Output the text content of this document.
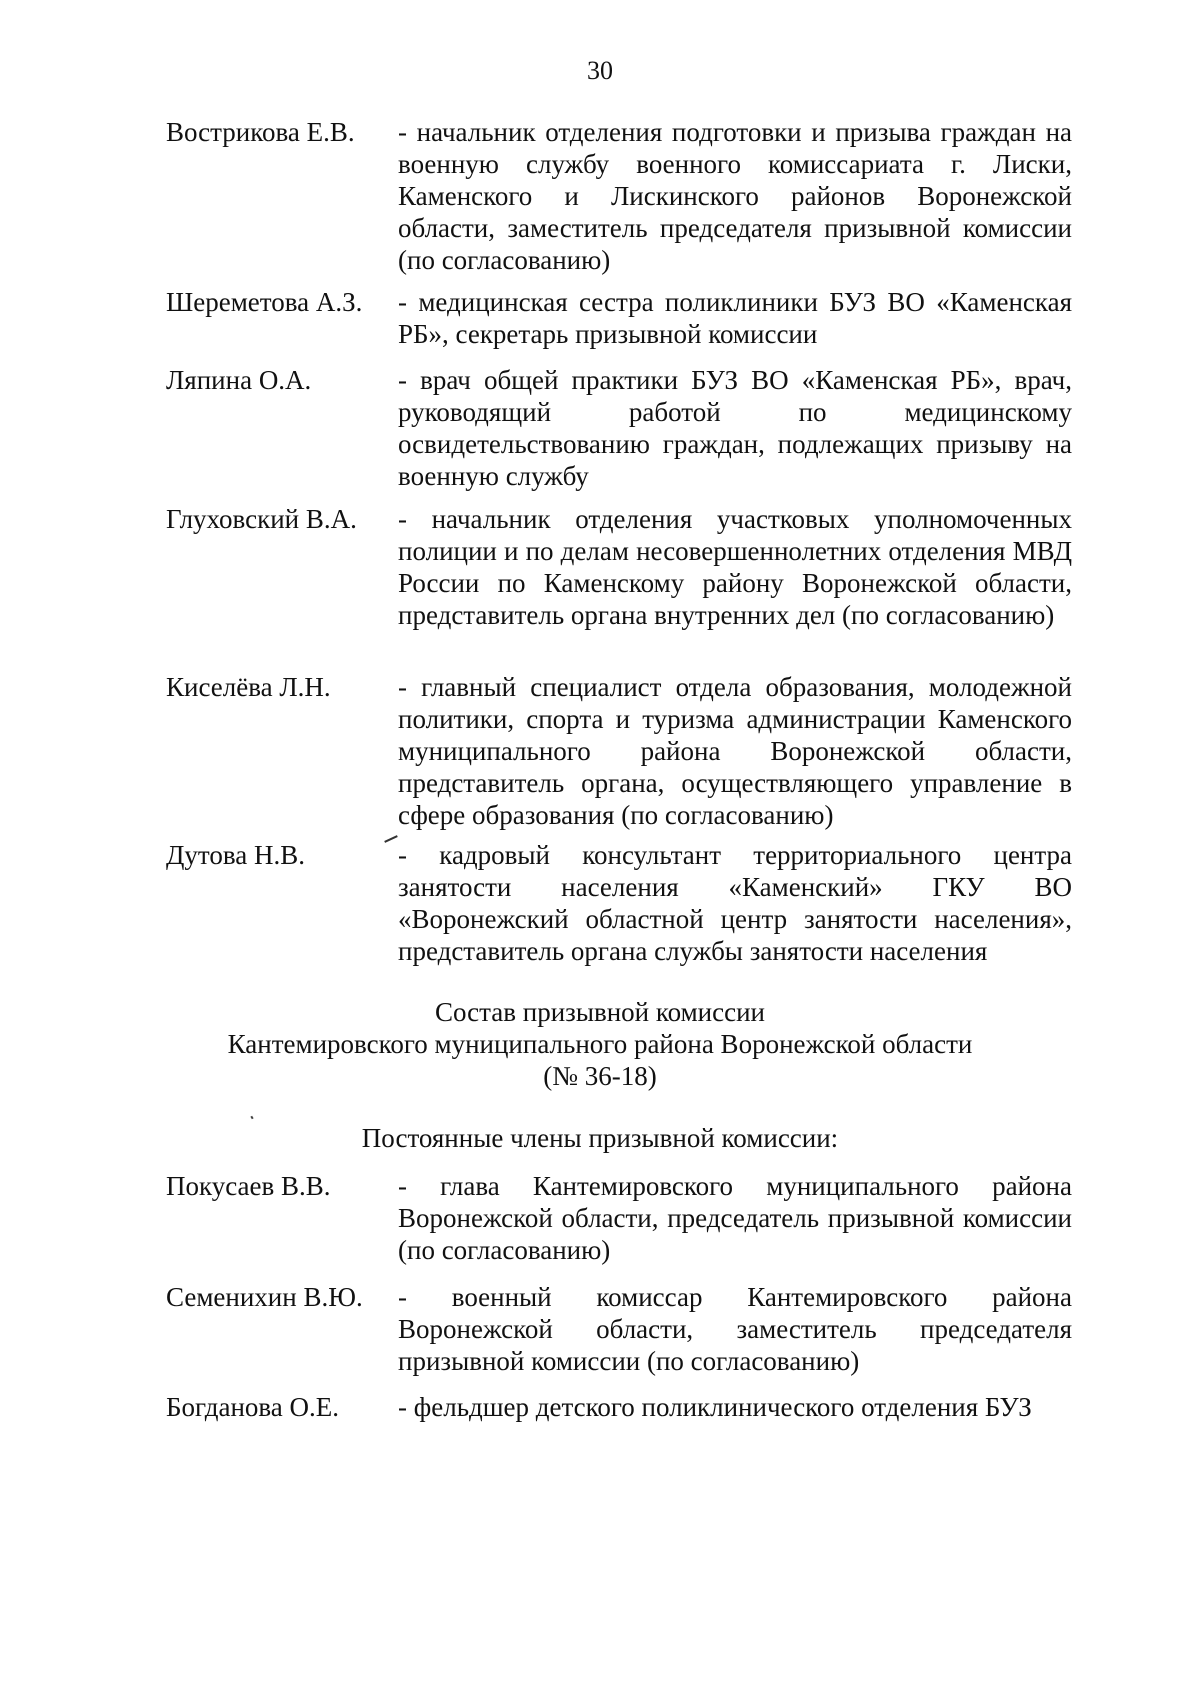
30
Вострикова Е.В. - начальник отделения подготовки и призыва граждан на военную службу военного комиссариата г. Лиски, Каменского и Лискинского районов Воронежской области, заместитель председателя призывной комиссии (по согласованию)
Шереметова А.З. - медицинская сестра поликлиники БУЗ ВО «Каменская РБ», секретарь призывной комиссии
Ляпина О.А.	- врач общей практики БУЗ ВО «Каменская РБ», врач, руководящий работой по медицинскому освидетельствованию граждан, подлежащих призыву на военную службу
Глуховский В.А. - начальник отделения участковых уполномоченных полиции и по делам несовершеннолетних отделения МВД России по Каменскому району Воронежской области, представитель органа внутренних дел (по согласованию)
Киселёва Л.Н. - главный специалист отдела образования, молодежной политики, спорта и туризма администрации Каменского муниципального района Воронежской области, представитель органа, осуществляющего управление в сфере образования (по согласованию)
Дутова Н.В.	- кадровый консультант территориального центра занятости населения «Каменский» ГКУ ВО «Воронежский областной центр занятости населения», представитель органа службы занятости населения
Состав призывной комиссии
Кантемировского муниципального района Воронежской области
(№ 36-18)
Постоянные члены призывной комиссии:
Покусаев В.В. - глава Кантемировского муниципального района Воронежской области, председатель призывной комиссии (по согласованию)
Семенихин В.Ю. - военный комиссар Кантемировского района Воронежской области, заместитель председателя призывной комиссии (по согласованию)
Богданова О.Е. - фельдшер детского поликлинического отделения БУЗ
